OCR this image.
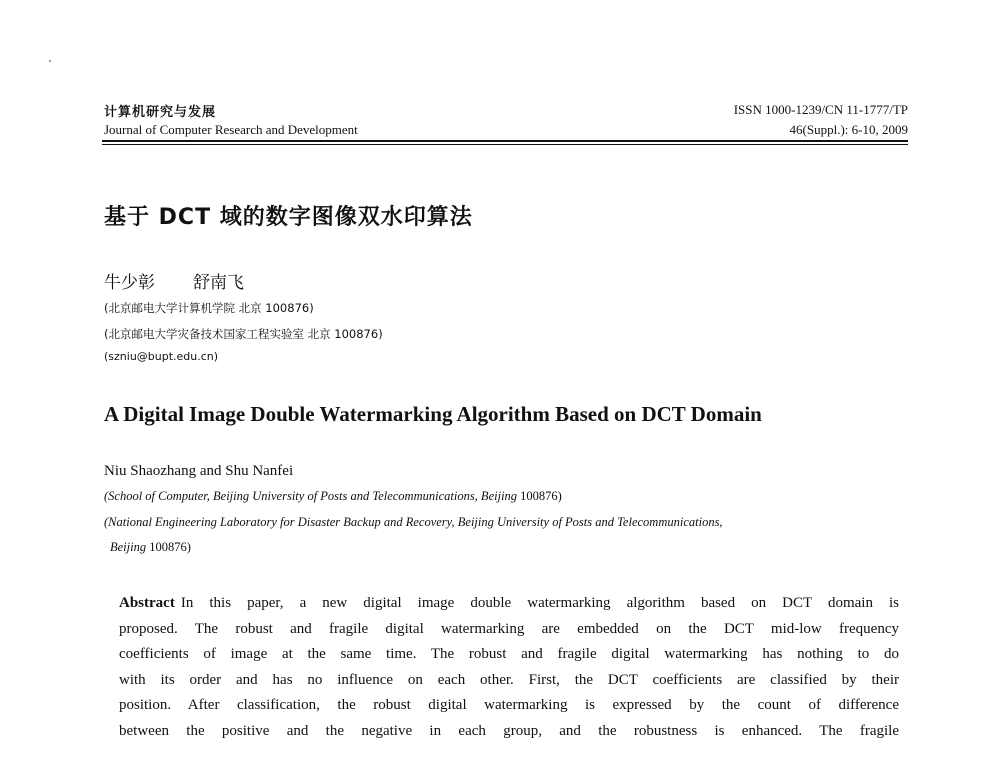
计算机研究与发展
Journal of Computer Research and Development
ISSN 1000-1239/CN 11-1777/TP
46(Suppl.): 6-10, 2009
基于 DCT 域的数字图像双水印算法
牛少彰 舒南飞
(北京邮电大学计算机学院 北京 100876)
(北京邮电大学灾备技术国家工程实验室 北京 100876)
(szniu@bupt.edu.cn)
A Digital Image Double Watermarking Algorithm Based on DCT Domain
Niu Shaozhang and Shu Nanfei
(School of Computer, Beijing University of Posts and Telecommunications, Beijing 100876)
(National Engineering Laboratory for Disaster Backup and Recovery, Beijing University of Posts and Telecommunications,
Beijing 100876)
Abstract In this paper, a new digital image double watermarking algorithm based on DCT domain is
proposed. The robust and fragile digital watermarking are embedded on the DCT mid-low frequency
coefficients of image at the same time. The robust and fragile digital watermarking has nothing to do
with its order and has no influence on each other. First, the DCT coefficients are classified by their
position. After classification, the robust digital watermarking is expressed by the count of difference
between the positive and the negative in each group, and the robustness is enhanced. The fragile
